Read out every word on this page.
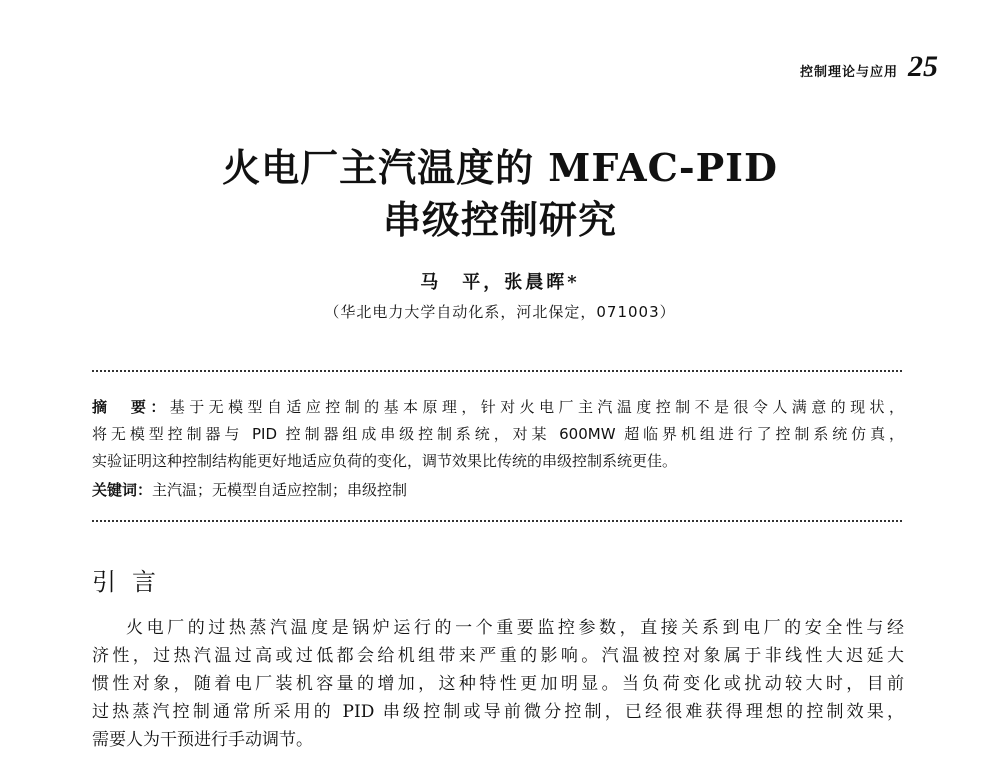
控制理论与应用 25
火电厂主汽温度的 MFAC-PID
串级控制研究
马　平，张晨晖*
（华北电力大学自动化系，河北保定，071003）
摘　要：基于无模型自适应控制的基本原理，针对火电厂主汽温度控制不是很令人满意的现状，
将无模型控制器与 PID 控制器组成串级控制系统，对某 600MW 超临界机组进行了控制系统仿真，
实验证明这种控制结构能更好地适应负荷的变化，调节效果比传统的串级控制系统更佳。
关键词：主汽温；无模型自适应控制；串级控制
引言
火电厂的过热蒸汽温度是锅炉运行的一个重要监控参数，直接关系到电厂的安全性与经
济性，过热汽温过高或过低都会给机组带来严重的影响。汽温被控对象属于非线性大迟延大
惯性对象，随着电厂装机容量的增加，这种特性更加明显。当负荷变化或扰动较大时，目前
过热蒸汽控制通常所采用的 PID 串级控制或导前微分控制，已经很难获得理想的控制效果，
需要人为干预进行手动调节。
